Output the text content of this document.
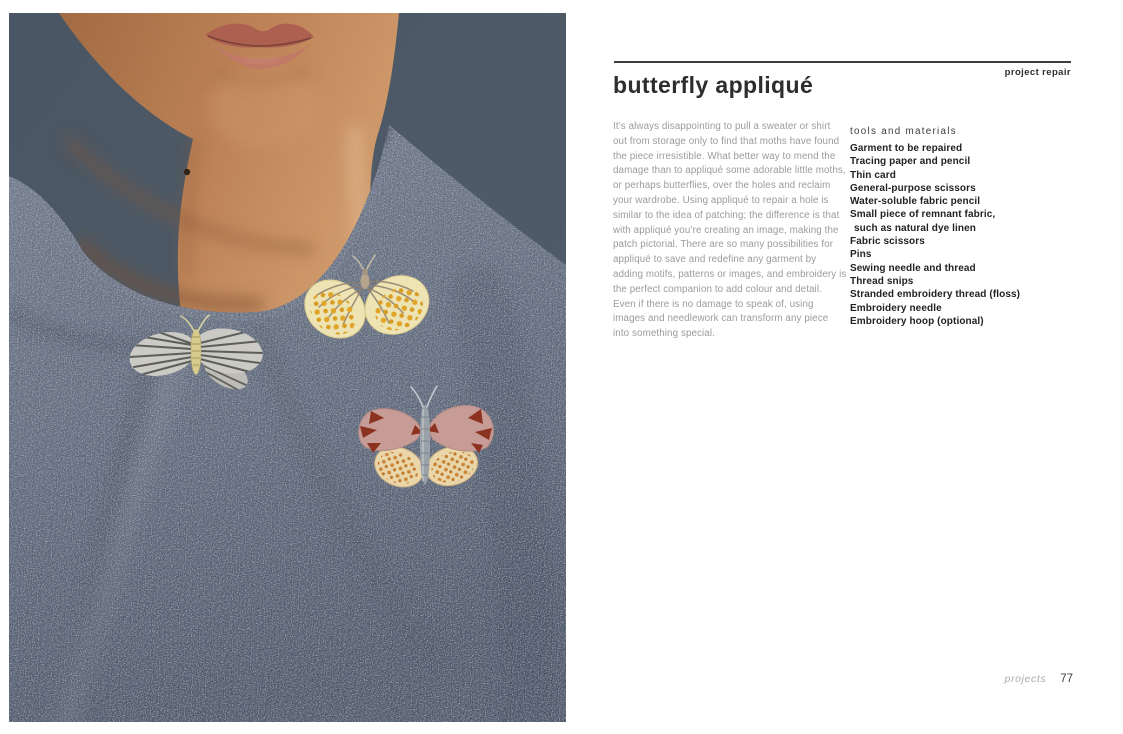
project repair
butterfly appliqué

It’s always disappointing to pull a sweater or shirt out from storage only to find that moths have found the piece irresistible. What better way to mend the damage than to appliqué some adorable little moths, or perhaps butterflies, over the holes and reclaim your wardrobe. Using appliqué to repair a hole is similar to the idea of patching; the difference is that with appliqué you’re creating an image, making the patch pictorial. There are so many possibilities for appliqué to save and redefine any garment by adding motifs, patterns or images, and embroidery is the perfect companion to add colour and detail. Even if there is no damage to speak of, using images and needlework can transform any piece into something special.

tools and materials
Garment to be repaired
Tracing paper and pencil
Thin card
General-purpose scissors
Water-soluble fabric pencil
Small piece of remnant fabric,
such as natural dye linen
Fabric scissors
Pins
Sewing needle and thread
Thread snips
Stranded embroidery thread (floss)
Embroidery needle
Embroidery hoop (optional)
projects 77
